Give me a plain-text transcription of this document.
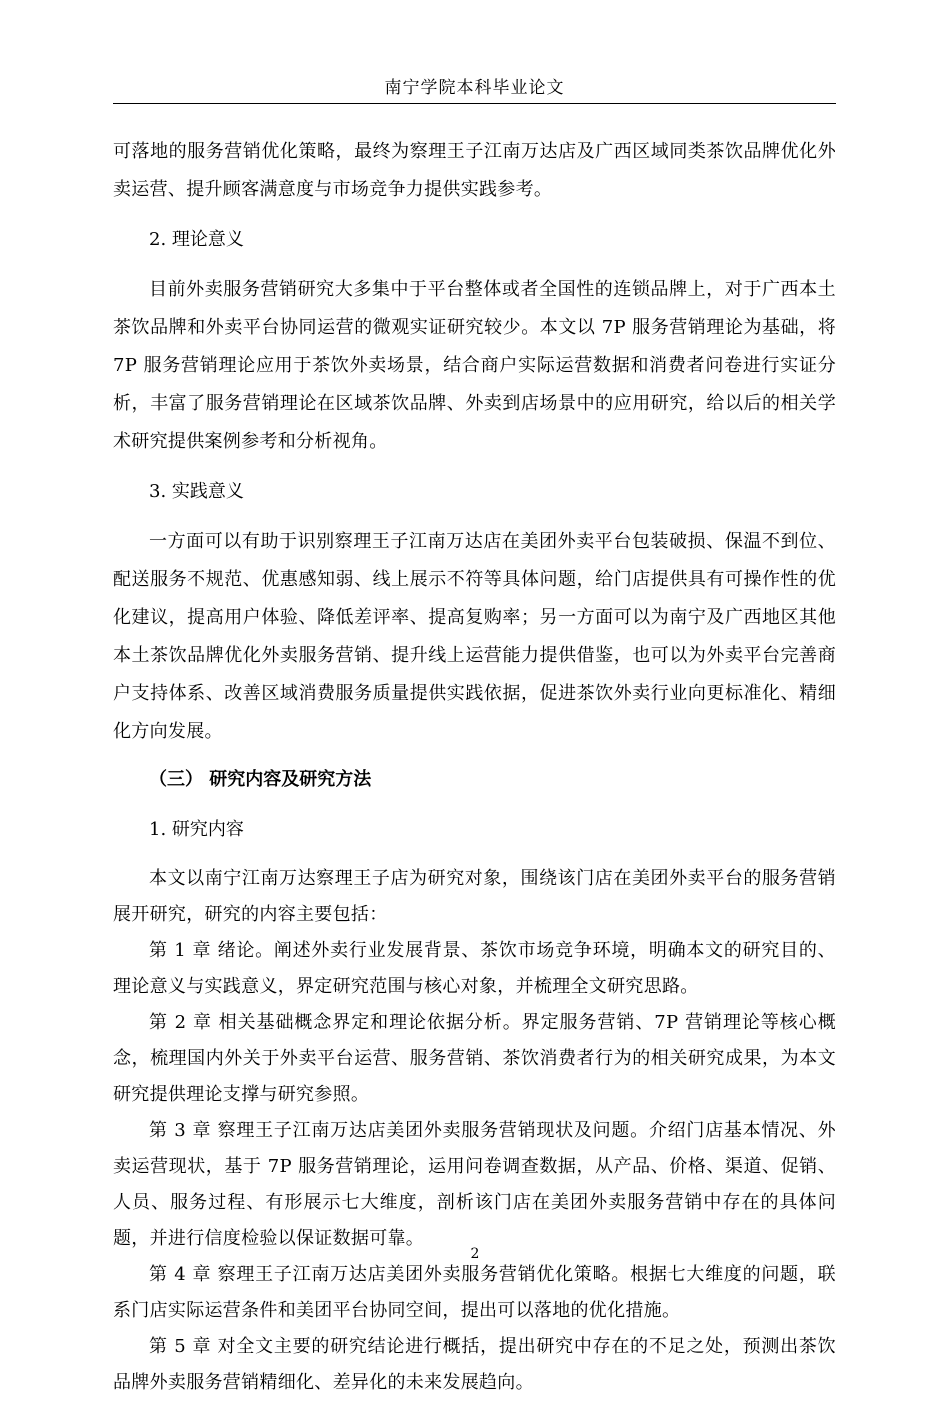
南宁学院本科毕业论文

可落地的服务营销优化策略，最终为察理王子江南万达店及广西区域同类茶饮品牌优化外卖运营、提升顾客满意度与市场竞争力提供实践参考。

2. 理论意义

目前外卖服务营销研究大多集中于平台整体或者全国性的连锁品牌上，对于广西本土茶饮品牌和外卖平台协同运营的微观实证研究较少。本文以 7P 服务营销理论为基础，将 7P 服务营销理论应用于茶饮外卖场景，结合商户实际运营数据和消费者问卷进行实证分析，丰富了服务营销理论在区域茶饮品牌、外卖到店场景中的应用研究，给以后的相关学术研究提供案例参考和分析视角。

3. 实践意义

一方面可以有助于识别察理王子江南万达店在美团外卖平台包装破损、保温不到位、配送服务不规范、优惠感知弱、线上展示不符等具体问题，给门店提供具有可操作性的优化建议，提高用户体验、降低差评率、提高复购率；另一方面可以为南宁及广西地区其他本土茶饮品牌优化外卖服务营销、提升线上运营能力提供借鉴，也可以为外卖平台完善商户支持体系、改善区域消费服务质量提供实践依据，促进茶饮外卖行业向更标准化、精细化方向发展。

（三） 研究内容及研究方法

1. 研究内容

本文以南宁江南万达察理王子店为研究对象，围绕该门店在美团外卖平台的服务营销展开研究，研究的内容主要包括：

第 1 章 绪论。阐述外卖行业发展背景、茶饮市场竞争环境，明确本文的研究目的、理论意义与实践意义，界定研究范围与核心对象，并梳理全文研究思路。

第 2 章 相关基础概念界定和理论依据分析。界定服务营销、7P 营销理论等核心概念，梳理国内外关于外卖平台运营、服务营销、茶饮消费者行为的相关研究成果，为本文研究提供理论支撑与研究参照。

第 3 章 察理王子江南万达店美团外卖服务营销现状及问题。介绍门店基本情况、外卖运营现状，基于 7P 服务营销理论，运用问卷调查数据，从产品、价格、渠道、促销、人员、服务过程、有形展示七大维度，剖析该门店在美团外卖服务营销中存在的具体问题，并进行信度检验以保证数据可靠。

第 4 章 察理王子江南万达店美团外卖服务营销优化策略。根据七大维度的问题，联系门店实际运营条件和美团平台协同空间，提出可以落地的优化措施。

第 5 章 对全文主要的研究结论进行概括，提出研究中存在的不足之处，预测出茶饮品牌外卖服务营销精细化、差异化的未来发展趋向。

2
